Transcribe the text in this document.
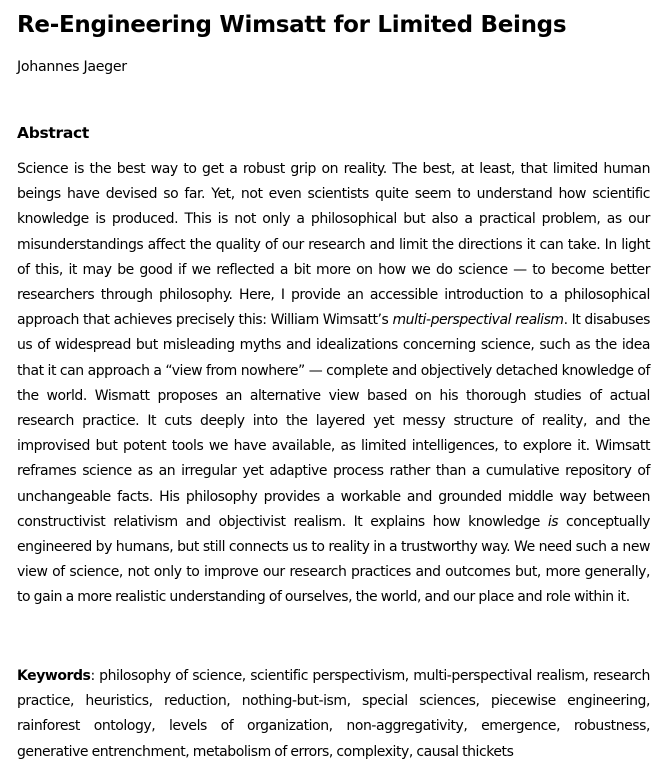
Re-Engineering Wimsatt for Limited Beings

Johannes Jaeger

Abstract

Science is the best way to get a robust grip on reality. The best, at least, that limited human beings have devised so far. Yet, not even scientists quite seem to understand how scientific knowledge is produced. This is not only a philosophical but also a practical problem, as our misunderstandings affect the quality of our research and limit the directions it can take. In light of this, it may be good if we reflected a bit more on how we do science — to become better researchers through philosophy. Here, I provide an accessible introduction to a philosophical approach that achieves precisely this: William Wimsatt’s multi-perspectival realism. It disabuses us of widespread but misleading myths and idealizations concerning science, such as the idea that it can approach a “view from nowhere” — complete and objectively detached knowledge of the world. Wismatt proposes an alternative view based on his thorough studies of actual research practice. It cuts deeply into the layered yet messy structure of reality, and the improvised but potent tools we have available, as limited intelligences, to explore it. Wimsatt reframes science as an irregular yet adaptive process rather than a cumulative repository of unchangeable facts. His philosophy provides a workable and grounded middle way between constructivist relativism and objectivist realism. It explains how knowledge is conceptually engineered by humans, but still connects us to reality in a trustworthy way. We need such a new view of science, not only to improve our research practices and outcomes but, more generally, to gain a more realistic understanding of ourselves, the world, and our place and role within it.

Keywords: philosophy of science, scientific perspectivism, multi-perspectival realism, research practice, heuristics, reduction, nothing-but-ism, special sciences, piecewise engineering, rainforest ontology, levels of organization, non-aggregativity, emergence, robustness, generative entrenchment, metabolism of errors, complexity, causal thickets
